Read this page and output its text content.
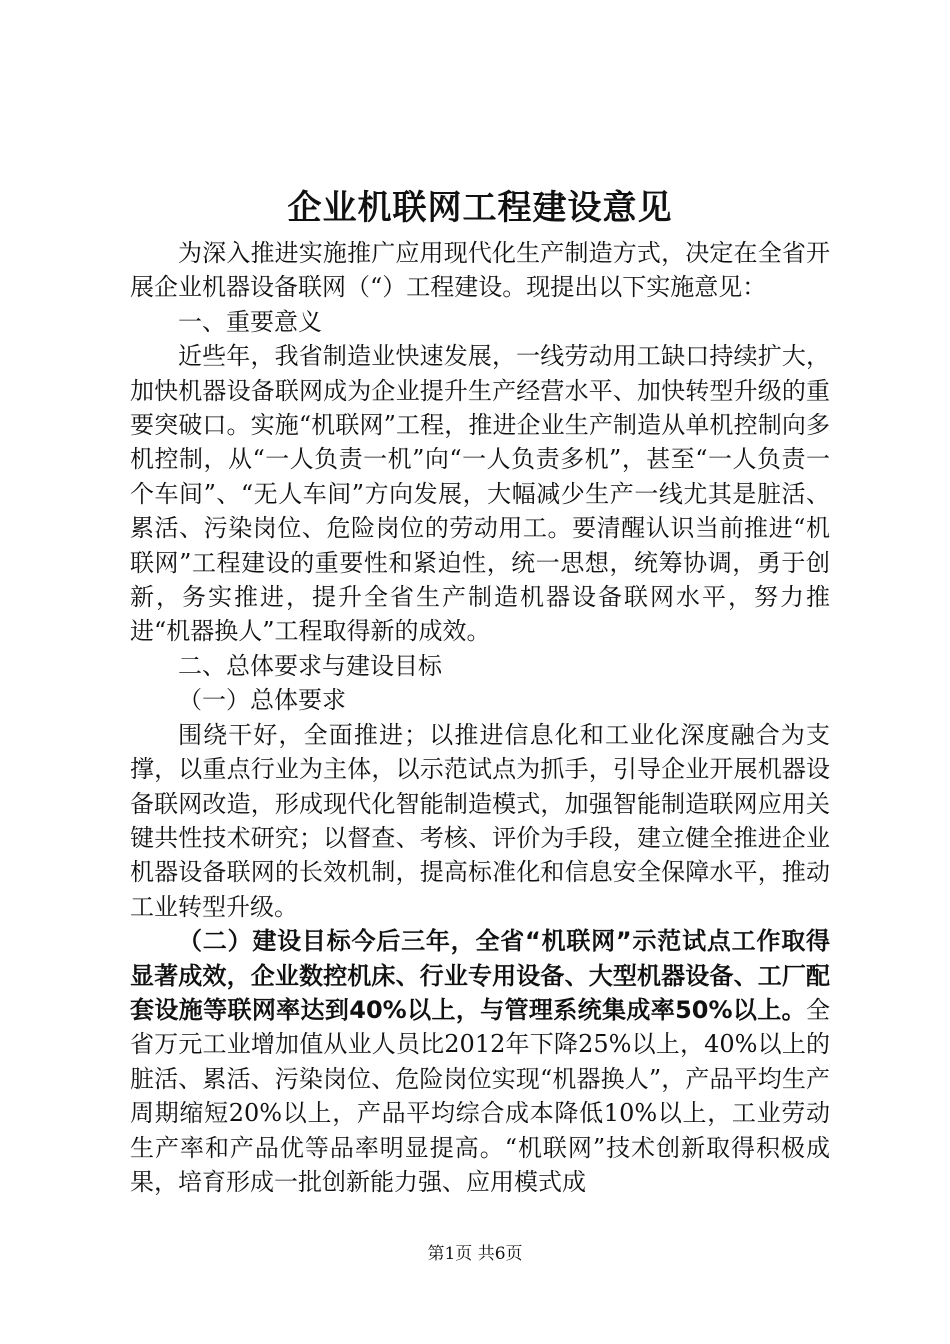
企业机联网工程建设意见

为深入推进实施推广应用现代化生产制造方式，决定在全省开展企业机器设备联网（“）工程建设。现提出以下实施意见：

一、重要意义

近些年，我省制造业快速发展，一线劳动用工缺口持续扩大，加快机器设备联网成为企业提升生产经营水平、加快转型升级的重要突破口。实施“机联网”工程，推进企业生产制造从单机控制向多机控制，从“一人负责一机”向“一人负责多机”，甚至“一人负责一个车间”、“无人车间”方向发展，大幅减少生产一线尤其是脏活、累活、污染岗位、危险岗位的劳动用工。要清醒认识当前推进“机联网”工程建设的重要性和紧迫性，统一思想，统筹协调，勇于创新，务实推进，提升全省生产制造机器设备联网水平，努力推进“机器换人”工程取得新的成效。

二、总体要求与建设目标

（一）总体要求

围绕干好，全面推进；以推进信息化和工业化深度融合为支撑，以重点行业为主体，以示范试点为抓手，引导企业开展机器设备联网改造，形成现代化智能制造模式，加强智能制造联网应用关键共性技术研究；以督查、考核、评价为手段，建立健全推进企业机器设备联网的长效机制，提高标准化和信息安全保障水平，推动工业转型升级。

（二）建设目标今后三年，全省“机联网”示范试点工作取得显著成效，企业数控机床、行业专用设备、大型机器设备、工厂配套设施等联网率达到40%以上，与管理系统集成率50%以上。全省万元工业增加值从业人员比2012年下降25%以上，40%以上的脏活、累活、污染岗位、危险岗位实现“机器换人”，产品平均生产周期缩短20%以上，产品平均综合成本降低10%以上，工业劳动生产率和产品优等品率明显提高。“机联网”技术创新取得积极成果，培育形成一批创新能力强、应用模式成

第1页 共6页
